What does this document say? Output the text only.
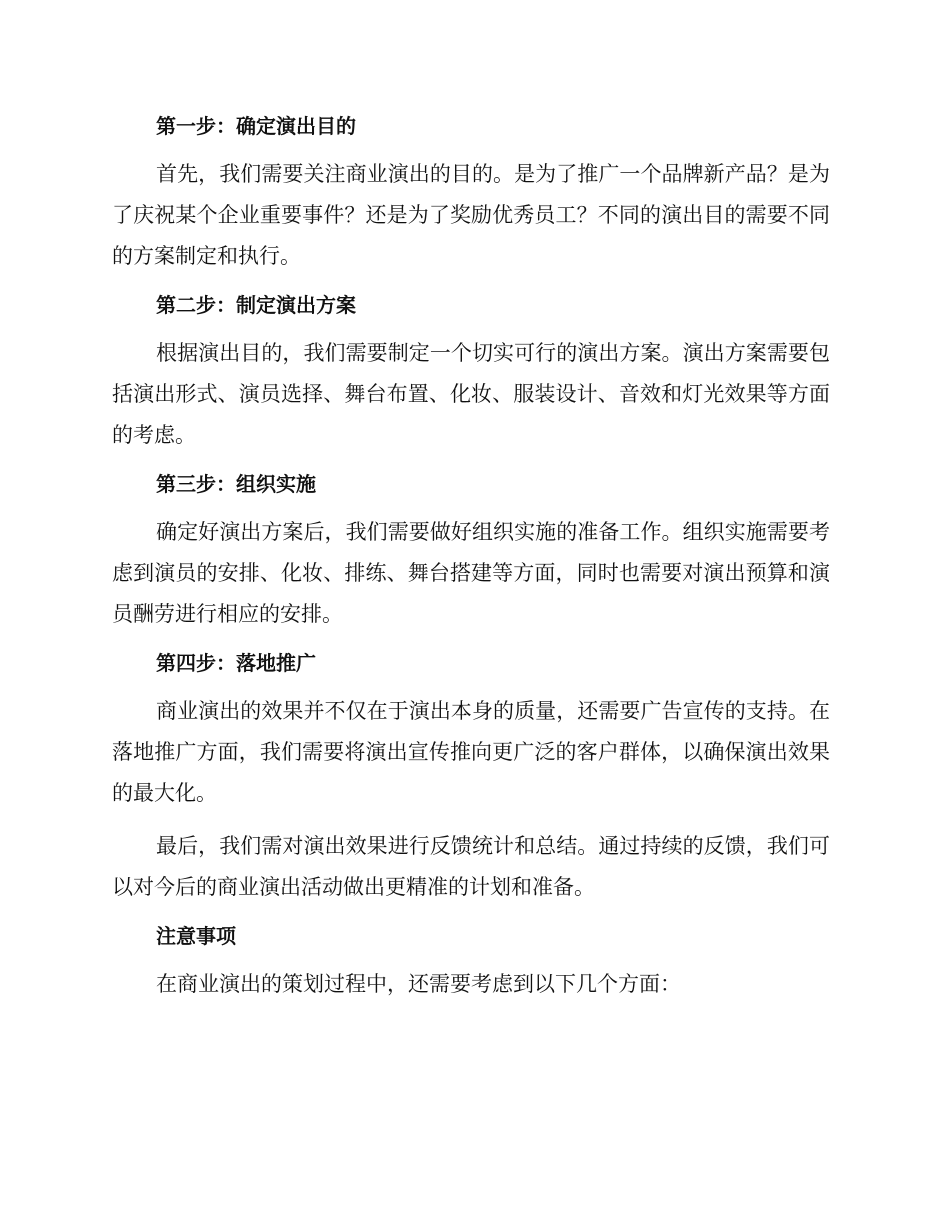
第一步：确定演出目的

首先，我们需要关注商业演出的目的。是为了推广一个品牌新产品？是为了庆祝某个企业重要事件？还是为了奖励优秀员工？不同的演出目的需要不同的方案制定和执行。

第二步：制定演出方案

根据演出目的，我们需要制定一个切实可行的演出方案。演出方案需要包括演出形式、演员选择、舞台布置、化妆、服装设计、音效和灯光效果等方面的考虑。

第三步：组织实施

确定好演出方案后，我们需要做好组织实施的准备工作。组织实施需要考虑到演员的安排、化妆、排练、舞台搭建等方面，同时也需要对演出预算和演员酬劳进行相应的安排。

第四步：落地推广

商业演出的效果并不仅在于演出本身的质量，还需要广告宣传的支持。在落地推广方面，我们需要将演出宣传推向更广泛的客户群体，以确保演出效果的最大化。

最后，我们需对演出效果进行反馈统计和总结。通过持续的反馈，我们可以对今后的商业演出活动做出更精准的计划和准备。

注意事项

在商业演出的策划过程中，还需要考虑到以下几个方面：
